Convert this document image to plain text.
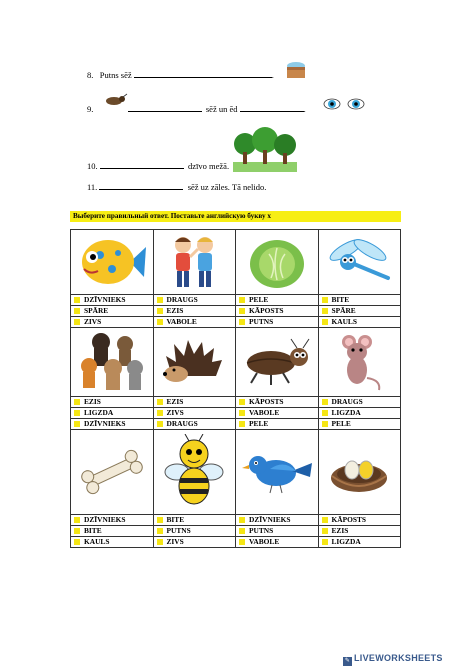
8. Putns sēž	.
9.	sēž un ēd	.
10.	dzīvo mežā.
11.	sēž uz zāles. Tā nelido.
Выберите правильный ответ. Поставьте английскую букву x

DZĪVNIEKS	DRAUGS	PELE	BITE
SPĀRE	EZIS	KĀPOSTS	SPĀRE
ZIVS	VABOLE	PUTNS	KAULS

EZIS	EZIS	KĀPOSTS	DRAUGS
LIGZDA	ZIVS	VABOLE	LIGZDA
DZĪVNIEKS	DRAUGS	PELE	PELE

DZĪVNIEKS	BITE	DZĪVNIEKS	KĀPOSTS
BITE	PUTNS	PUTNS	EZIS
KAULS	ZIVS	VABOLE	LIGZDA
✎ LIVEWORKSHEETS
